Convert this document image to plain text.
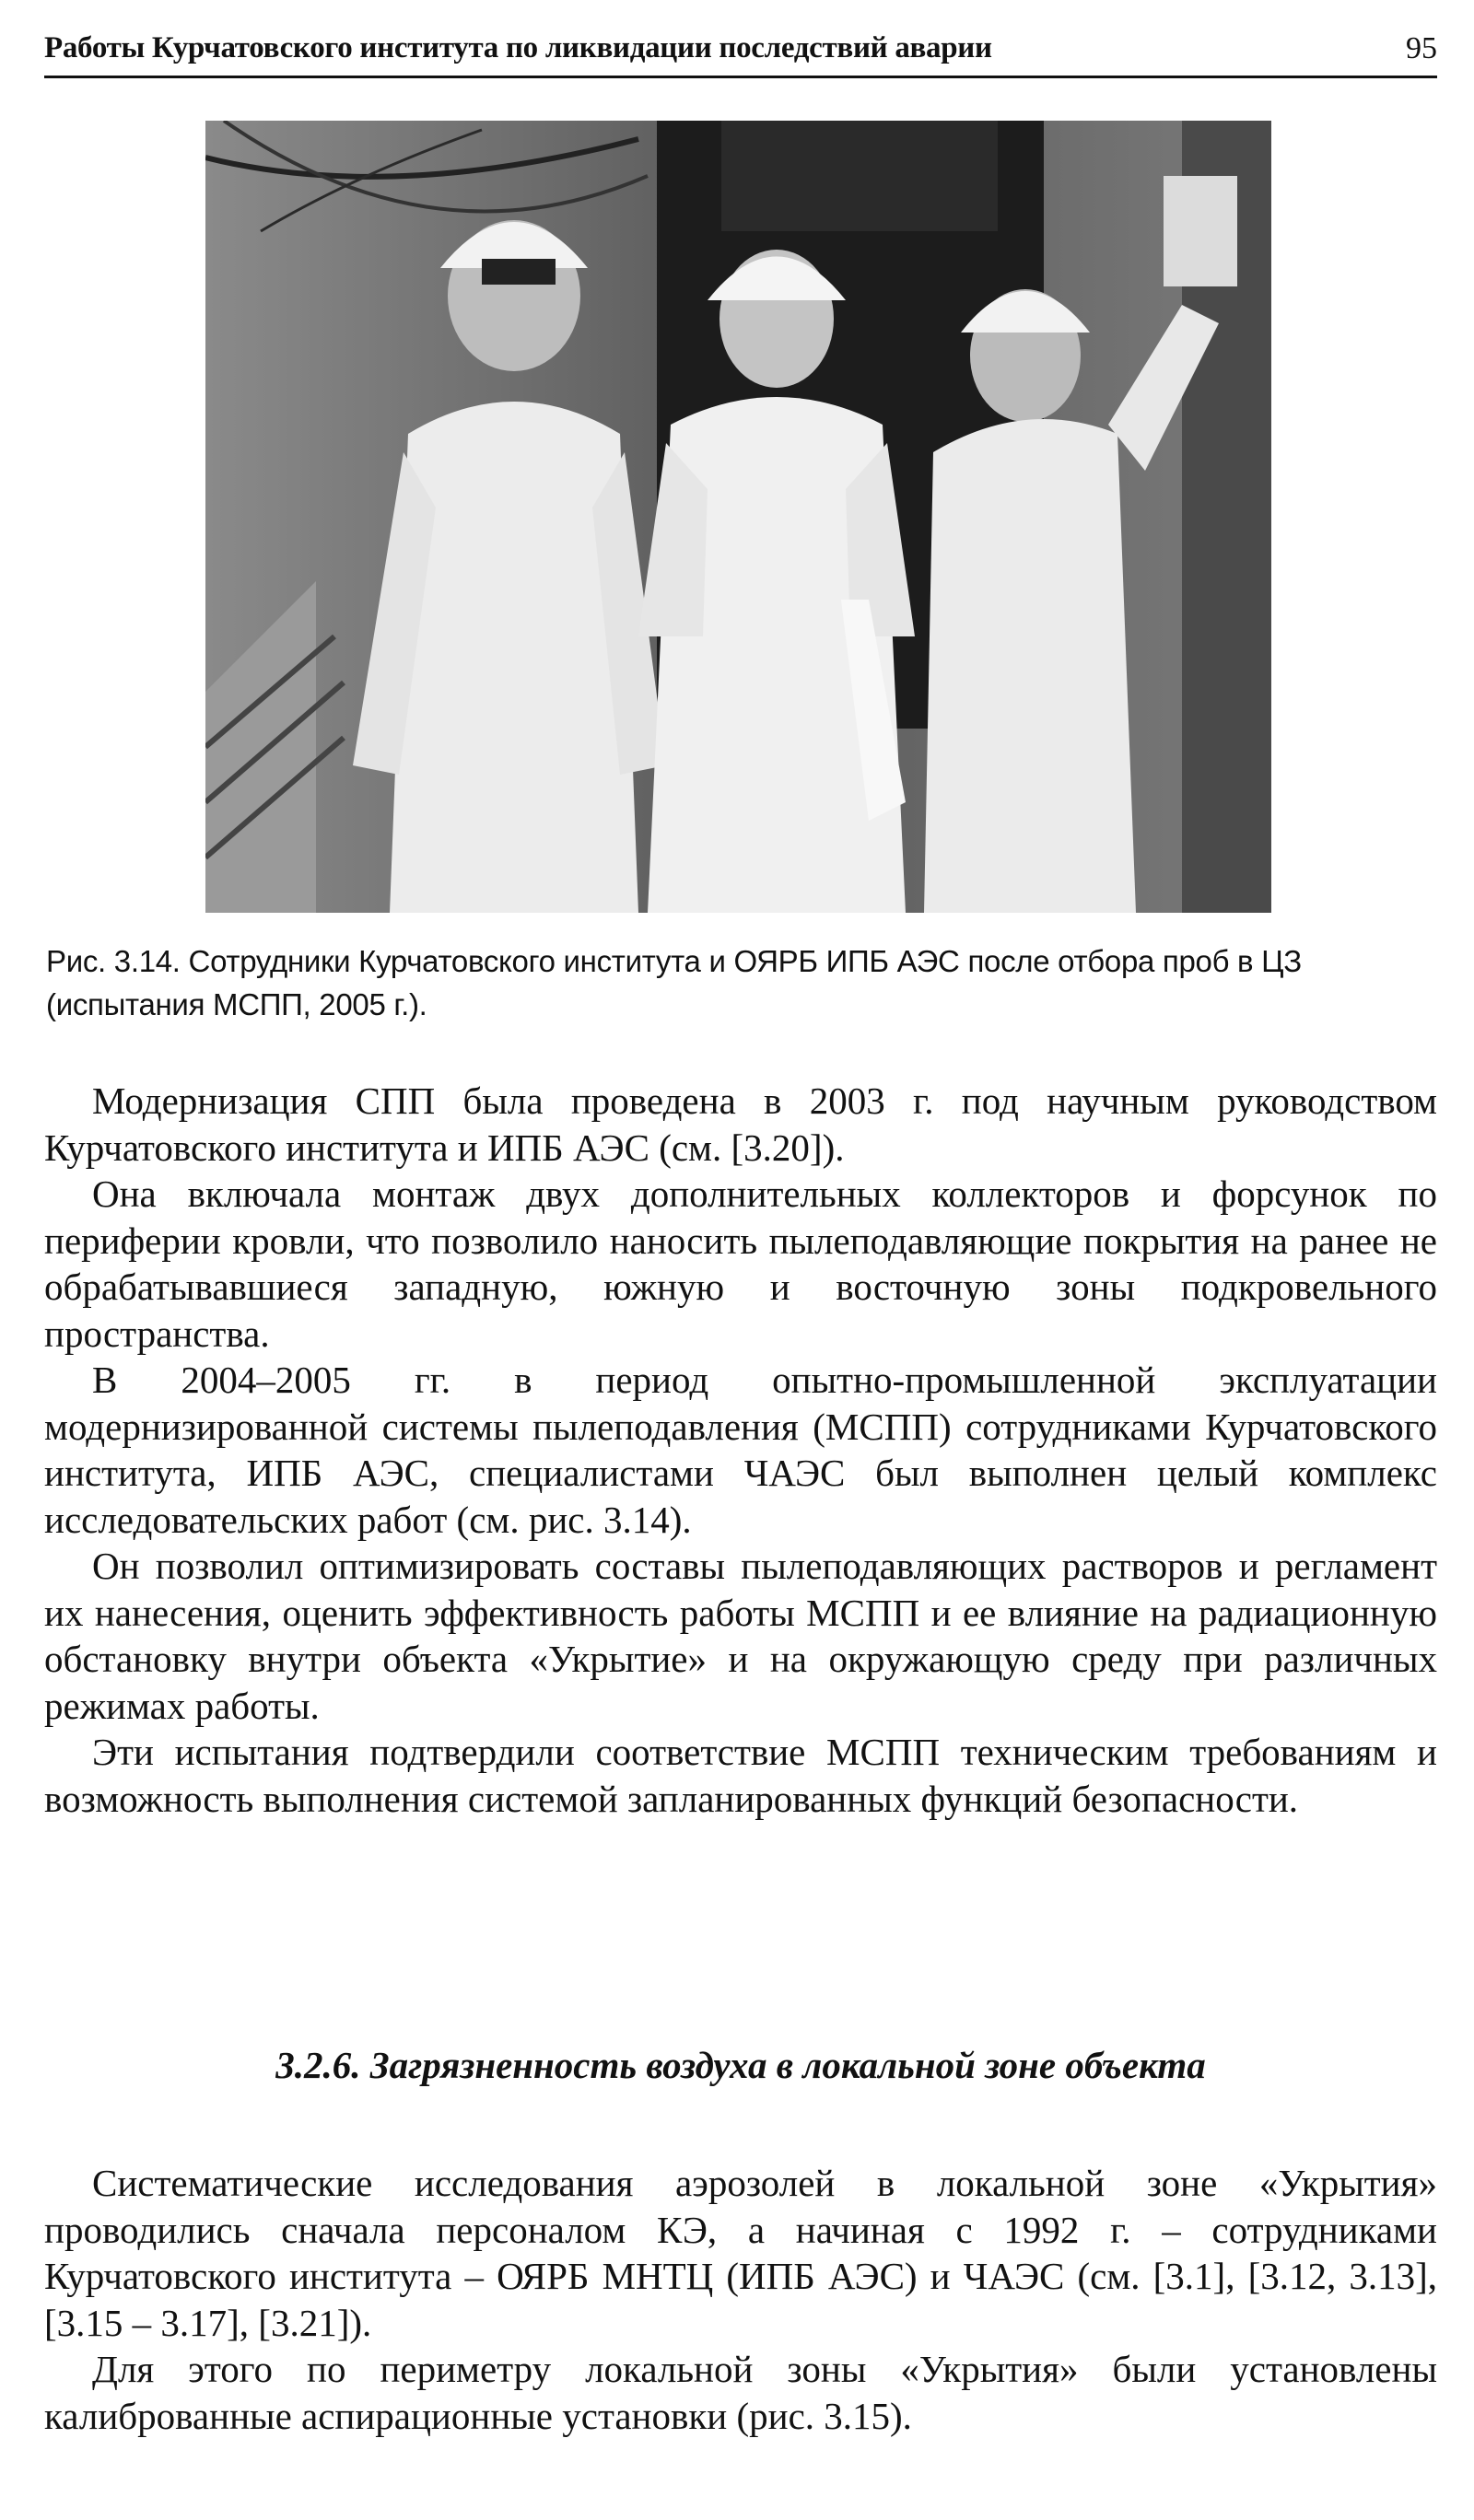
Работы Курчатовского института по ликвидации последствий аварии	95
Рис. 3.14. Сотрудники Курчатовского института и ОЯРБ ИПБ АЭС после отбора проб в ЦЗ
(испытания МСПП, 2005 г.).

Модернизация СПП была проведена в 2003 г. под научным руководством Курчатовского института и ИПБ АЭС (см. [3.20]).

Она включала монтаж двух дополнительных коллекторов и форсунок по периферии кровли, что позволило наносить пылеподавляющие покрытия на ранее не обрабатывавшиеся западную, южную и восточную зоны подкровельного пространства.

В 2004–2005 гг. в период опытно-промышленной эксплуатации модернизированной системы пылеподавления (МСПП) сотрудниками Курчатовского института, ИПБ АЭС, специалистами ЧАЭС был выполнен целый комплекс исследовательских работ (см. рис. 3.14).

Он позволил оптимизировать составы пылеподавляющих растворов и регламент их нанесения, оценить эффективность работы МСПП и ее влияние на радиационную обстановку внутри объекта «Укрытие» и на окружающую среду при различных режимах работы.

Эти испытания подтвердили соответствие МСПП техническим требованиям и возможность выполнения системой запланированных функций безопасности.

3.2.6. Загрязненность воздуха в локальной зоне объекта

Систематические исследования аэрозолей в локальной зоне «Укрытия» проводились сначала персоналом КЭ, а начиная с 1992 г. – сотрудниками Курчатовского института – ОЯРБ МНТЦ (ИПБ АЭС) и ЧАЭС (см. [3.1], [3.12, 3.13], [3.15 – 3.17], [3.21]).

Для этого по периметру локальной зоны «Укрытия» были установлены калиброванные аспирационные установки (рис. 3.15).
